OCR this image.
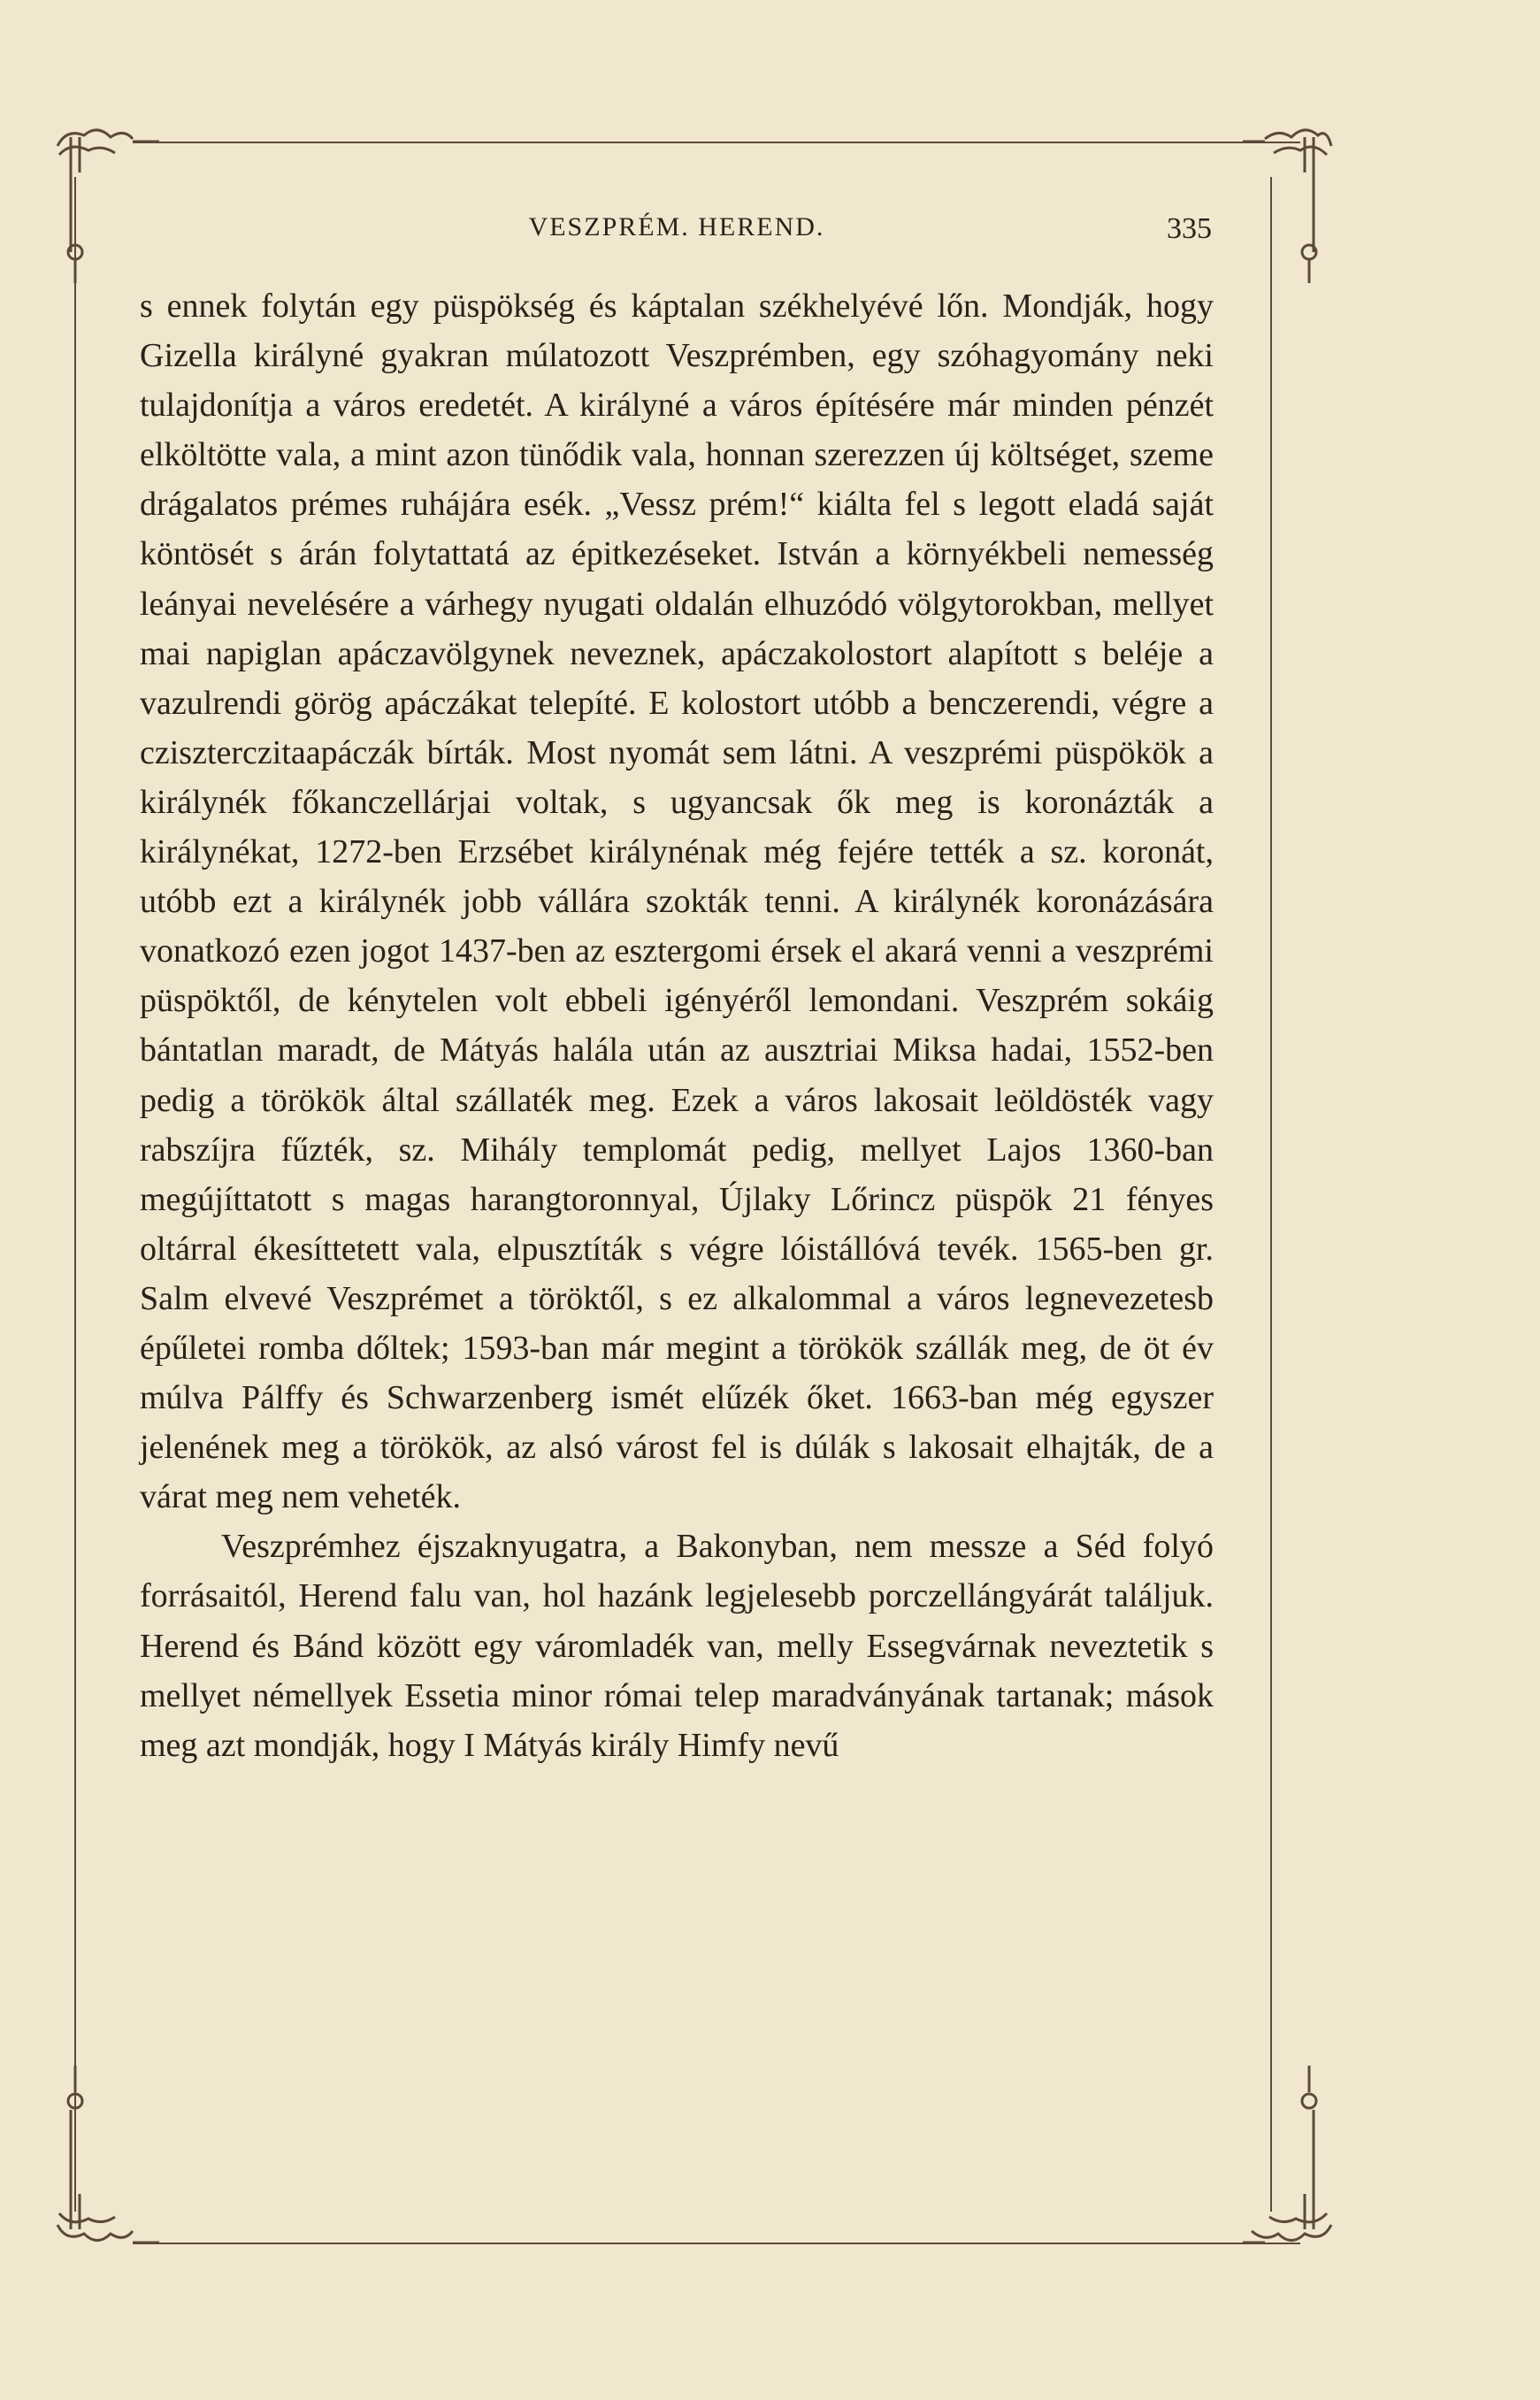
VESZPRÉM. HEREND.	335

s ennek folytán egy püspökség és káptalan székhelyévé lőn. Mondják, hogy Gizella királyné gyakran múlatozott Veszprémben, egy szóhagyomány neki tulajdonítja a város eredetét. A királyné a város építésére már minden pénzét elköltötte vala, a mint azon tünődik vala, honnan szerezzen új költséget, szeme drágalatos prémes ruhájára esék. „Vessz prém!“ kiálta fel s legott eladá saját köntösét s árán folytattatá az épitkezéseket. István a környékbeli nemesség leányai nevelésére a várhegy nyugati oldalán elhuzódó völgytorokban, mellyet mai napiglan apáczavölgynek neveznek, apáczakolostort alapított s beléje a vazulrendi görög apáczákat telepíté. E kolostort utóbb a benczerendi, végre a cziszterczitaapáczák bírták. Most nyomát sem látni. A veszprémi püspökök a királynék főkanczellárjai voltak, s ugyancsak ők meg is koronázták a királynékat, 1272-ben Erzsébet királynénak még fejére tették a sz. koronát, utóbb ezt a királynék jobb vállára szokták tenni. A királynék koronázására vonatkozó ezen jogot 1437-ben az esztergomi érsek el akará venni a veszprémi püspöktől, de kénytelen volt ebbeli igényéről lemondani. Veszprém sokáig bántatlan maradt, de Mátyás halála után az ausztriai Miksa hadai, 1552-ben pedig a törökök által szállaték meg. Ezek a város lakosait leöldösték vagy rabszíjra fűzték, sz. Mihály templomát pedig, mellyet Lajos 1360-ban megújíttatott s magas harangtoronnyal, Újlaky Lőrincz püspök 21 fényes oltárral ékesíttetett vala, elpusztíták s végre lóistállóvá tevék. 1565-ben gr. Salm elvevé Veszprémet a töröktől, s ez alkalommal a város legnevezetesb épűletei romba dőltek; 1593-ban már megint a törökök szállák meg, de öt év múlva Pálffy és Schwarzenberg ismét elűzék őket. 1663-ban még egyszer jelenének meg a törökök, az alsó várost fel is dúlák s lakosait elhajták, de a várat meg nem veheték.

Veszprémhez éjszaknyugatra, a Bakonyban, nem messze a Séd folyó forrásaitól, Herend falu van, hol hazánk legjelesebb porczellángyárát találjuk. Herend és Bánd között egy váromladék van, melly Essegvárnak neveztetik s mellyet némellyek Essetia minor római telep maradványának tartanak; mások meg azt mondják, hogy I Mátyás király Himfy nevű
